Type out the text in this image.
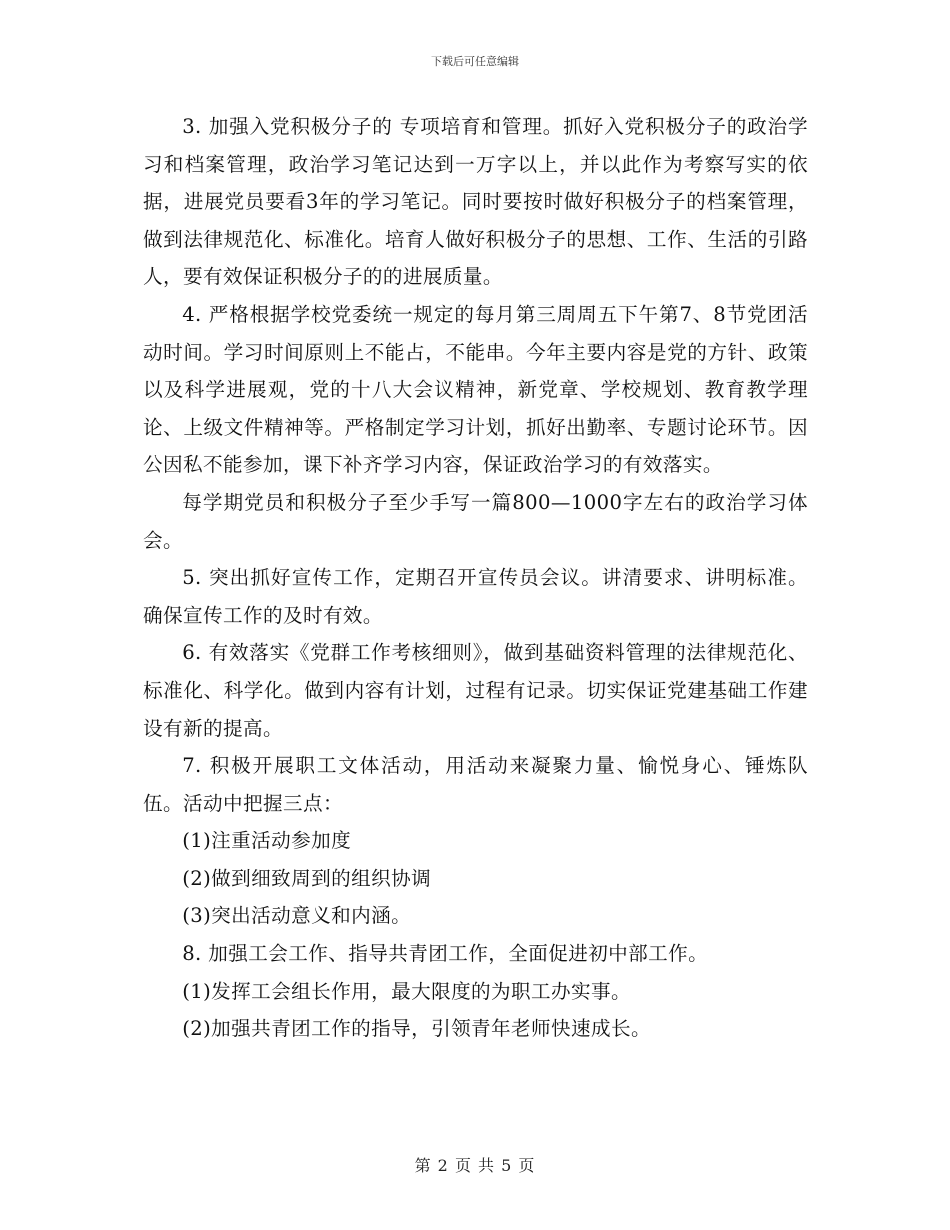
下载后可任意编辑

3. 加强入党积极分子的 专项培育和管理。抓好入党积极分子的政治学习和档案管理，政治学习笔记达到一万字以上，并以此作为考察写实的依据，进展党员要看3年的学习笔记。同时要按时做好积极分子的档案管理，做到法律规范化、标准化。培育人做好积极分子的思想、工作、生活的引路人，要有效保证积极分子的的进展质量。

4. 严格根据学校党委统一规定的每月第三周周五下午第7、8节党团活动时间。学习时间原则上不能占，不能串。今年主要内容是党的方针、政策以及科学进展观，党的十八大会议精神，新党章、学校规划、教育教学理论、上级文件精神等。严格制定学习计划，抓好出勤率、专题讨论环节。因公因私不能参加，课下补齐学习内容，保证政治学习的有效落实。

每学期党员和积极分子至少手写一篇800—1000字左右的政治学习体会。

5. 突出抓好宣传工作，定期召开宣传员会议。讲清要求、讲明标准。确保宣传工作的及时有效。

6. 有效落实《党群工作考核细则》，做到基础资料管理的法律规范化、标准化、科学化。做到内容有计划，过程有记录。切实保证党建基础工作建设有新的提高。

7. 积极开展职工文体活动，用活动来凝聚力量、愉悦身心、锤炼队伍。活动中把握三点：

(1)注重活动参加度

(2)做到细致周到的组织协调

(3)突出活动意义和内涵。

8. 加强工会工作、指导共青团工作，全面促进初中部工作。

(1)发挥工会组长作用，最大限度的为职工办实事。

(2)加强共青团工作的指导，引领青年老师快速成长。

第 2 页 共 5 页
